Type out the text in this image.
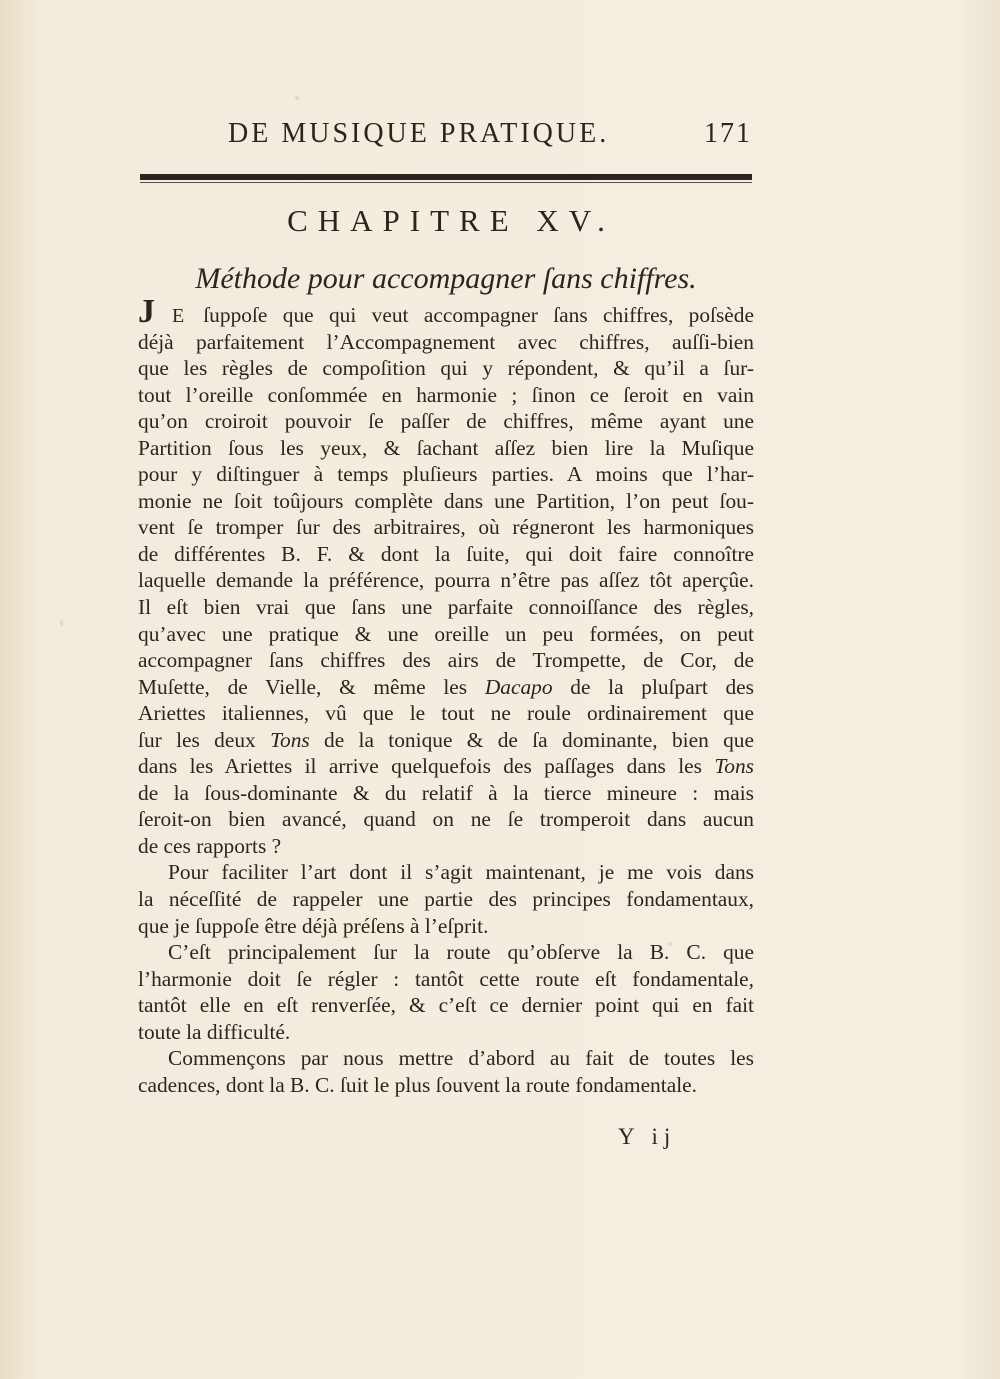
DE MUSIQUE PRATIQUE.	171
CHAPITRE XV.
Méthode pour accompagner ſans chiffres.
J E ſuppoſe que qui veut accompagner ſans chiffres, poſsède
déjà parfaitement l’Accompagnement avec chiffres, auſſi-bien
que les règles de compoſition qui y répondent, & qu’il a ſur-
tout l’oreille conſommée en harmonie ; ſinon ce ſeroit en vain
qu’on croiroit pouvoir ſe paſſer de chiffres, même ayant une
Partition ſous les yeux, & ſachant aſſez bien lire la Muſique
pour y diſtinguer à temps pluſieurs parties. A moins que l’har-
monie ne ſoit toûjours complète dans une Partition, l’on peut ſou-
vent ſe tromper ſur des arbitraires, où régneront les harmoniques
de différentes B. F. & dont la ſuite, qui doit faire connoître
laquelle demande la préférence, pourra n’être pas aſſez tôt aperçûe.
Il eſt bien vrai que ſans une parfaite connoiſſance des règles,
qu’avec une pratique & une oreille un peu formées, on peut
accompagner ſans chiffres des airs de Trompette, de Cor, de
Muſette, de Vielle, & même les Dacapo de la pluſpart des
Ariettes italiennes, vû que le tout ne roule ordinairement que
ſur les deux Tons de la tonique & de ſa dominante, bien que
dans les Ariettes il arrive quelquefois des paſſages dans les Tons
de la ſous-dominante & du relatif à la tierce mineure : mais
ſeroit-on bien avancé, quand on ne ſe tromperoit dans aucun
de ces rapports ?
Pour faciliter l’art dont il s’agit maintenant, je me vois dans
la néceſſité de rappeler une partie des principes fondamentaux,
que je ſuppoſe être déjà préſens à l’eſprit.
C’eſt principalement ſur la route qu’obſerve la B. C. que
l’harmonie doit ſe régler : tantôt cette route eſt fondamentale,
tantôt elle en eſt renverſée, & c’eſt ce dernier point qui en fait
toute la difficulté.
Commençons par nous mettre d’abord au fait de toutes les
cadences, dont la B. C. ſuit le plus ſouvent la route fondamentale.
Y ij
